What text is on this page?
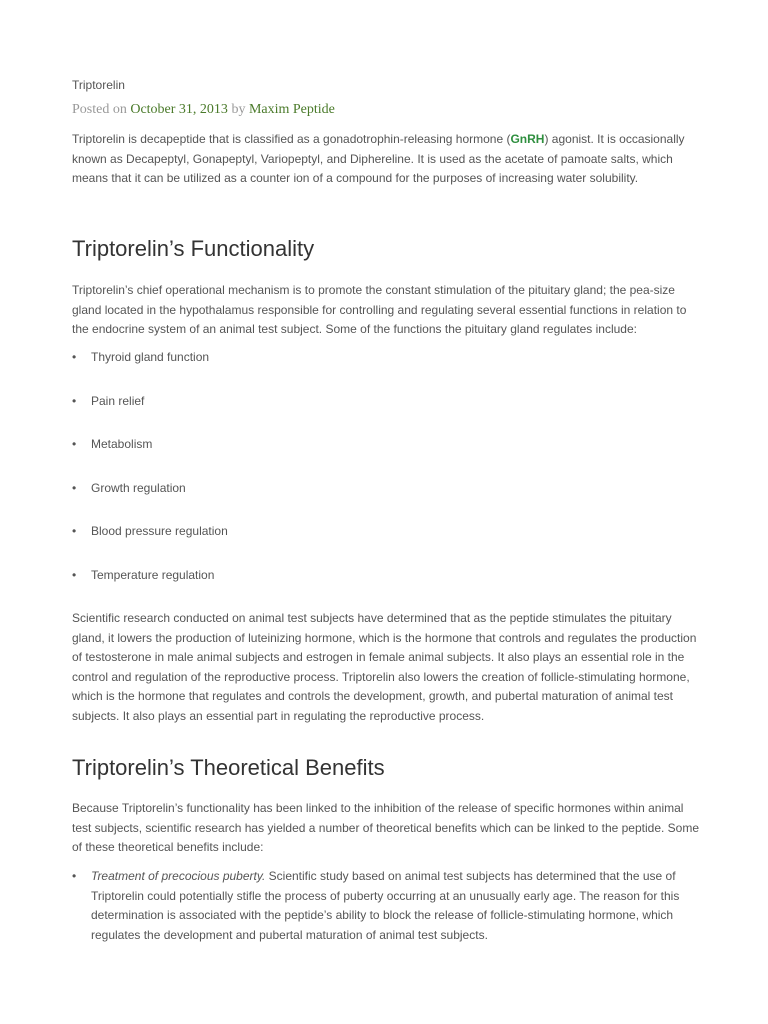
Triptorelin
Posted on October 31, 2013 by Maxim Peptide

Triptorelin is decapeptide that is classified as a gonadotrophin-releasing hormone (GnRH) agonist. It is occasionally known as Decapeptyl, Gonapeptyl, Variopeptyl, and Diphereline. It is used as the acetate of pamoate salts, which means that it can be utilized as a counter ion of a compound for the purposes of increasing water solubility.

Triptorelin’s Functionality

Triptorelin’s chief operational mechanism is to promote the constant stimulation of the pituitary gland; the pea-size gland located in the hypothalamus responsible for controlling and regulating several essential functions in relation to the endocrine system of an animal test subject. Some of the functions the pituitary gland regulates include:

• Thyroid gland function
• Pain relief
• Metabolism
• Growth regulation
• Blood pressure regulation
• Temperature regulation

Scientific research conducted on animal test subjects have determined that as the peptide stimulates the pituitary gland, it lowers the production of luteinizing hormone, which is the hormone that controls and regulates the production of testosterone in male animal subjects and estrogen in female animal subjects. It also plays an essential role in the control and regulation of the reproductive process. Triptorelin also lowers the creation of follicle-stimulating hormone, which is the hormone that regulates and controls the development, growth, and pubertal maturation of animal test subjects. It also plays an essential part in regulating the reproductive process.

Triptorelin’s Theoretical Benefits

Because Triptorelin’s functionality has been linked to the inhibition of the release of specific hormones within animal test subjects, scientific research has yielded a number of theoretical benefits which can be linked to the peptide. Some of these theoretical benefits include:

• Treatment of precocious puberty. Scientific study based on animal test subjects has determined that the use of Triptorelin could potentially stifle the process of puberty occurring at an unusually early age. The reason for this determination is associated with the peptide’s ability to block the release of follicle-stimulating hormone, which regulates the development and pubertal maturation of animal test subjects.
